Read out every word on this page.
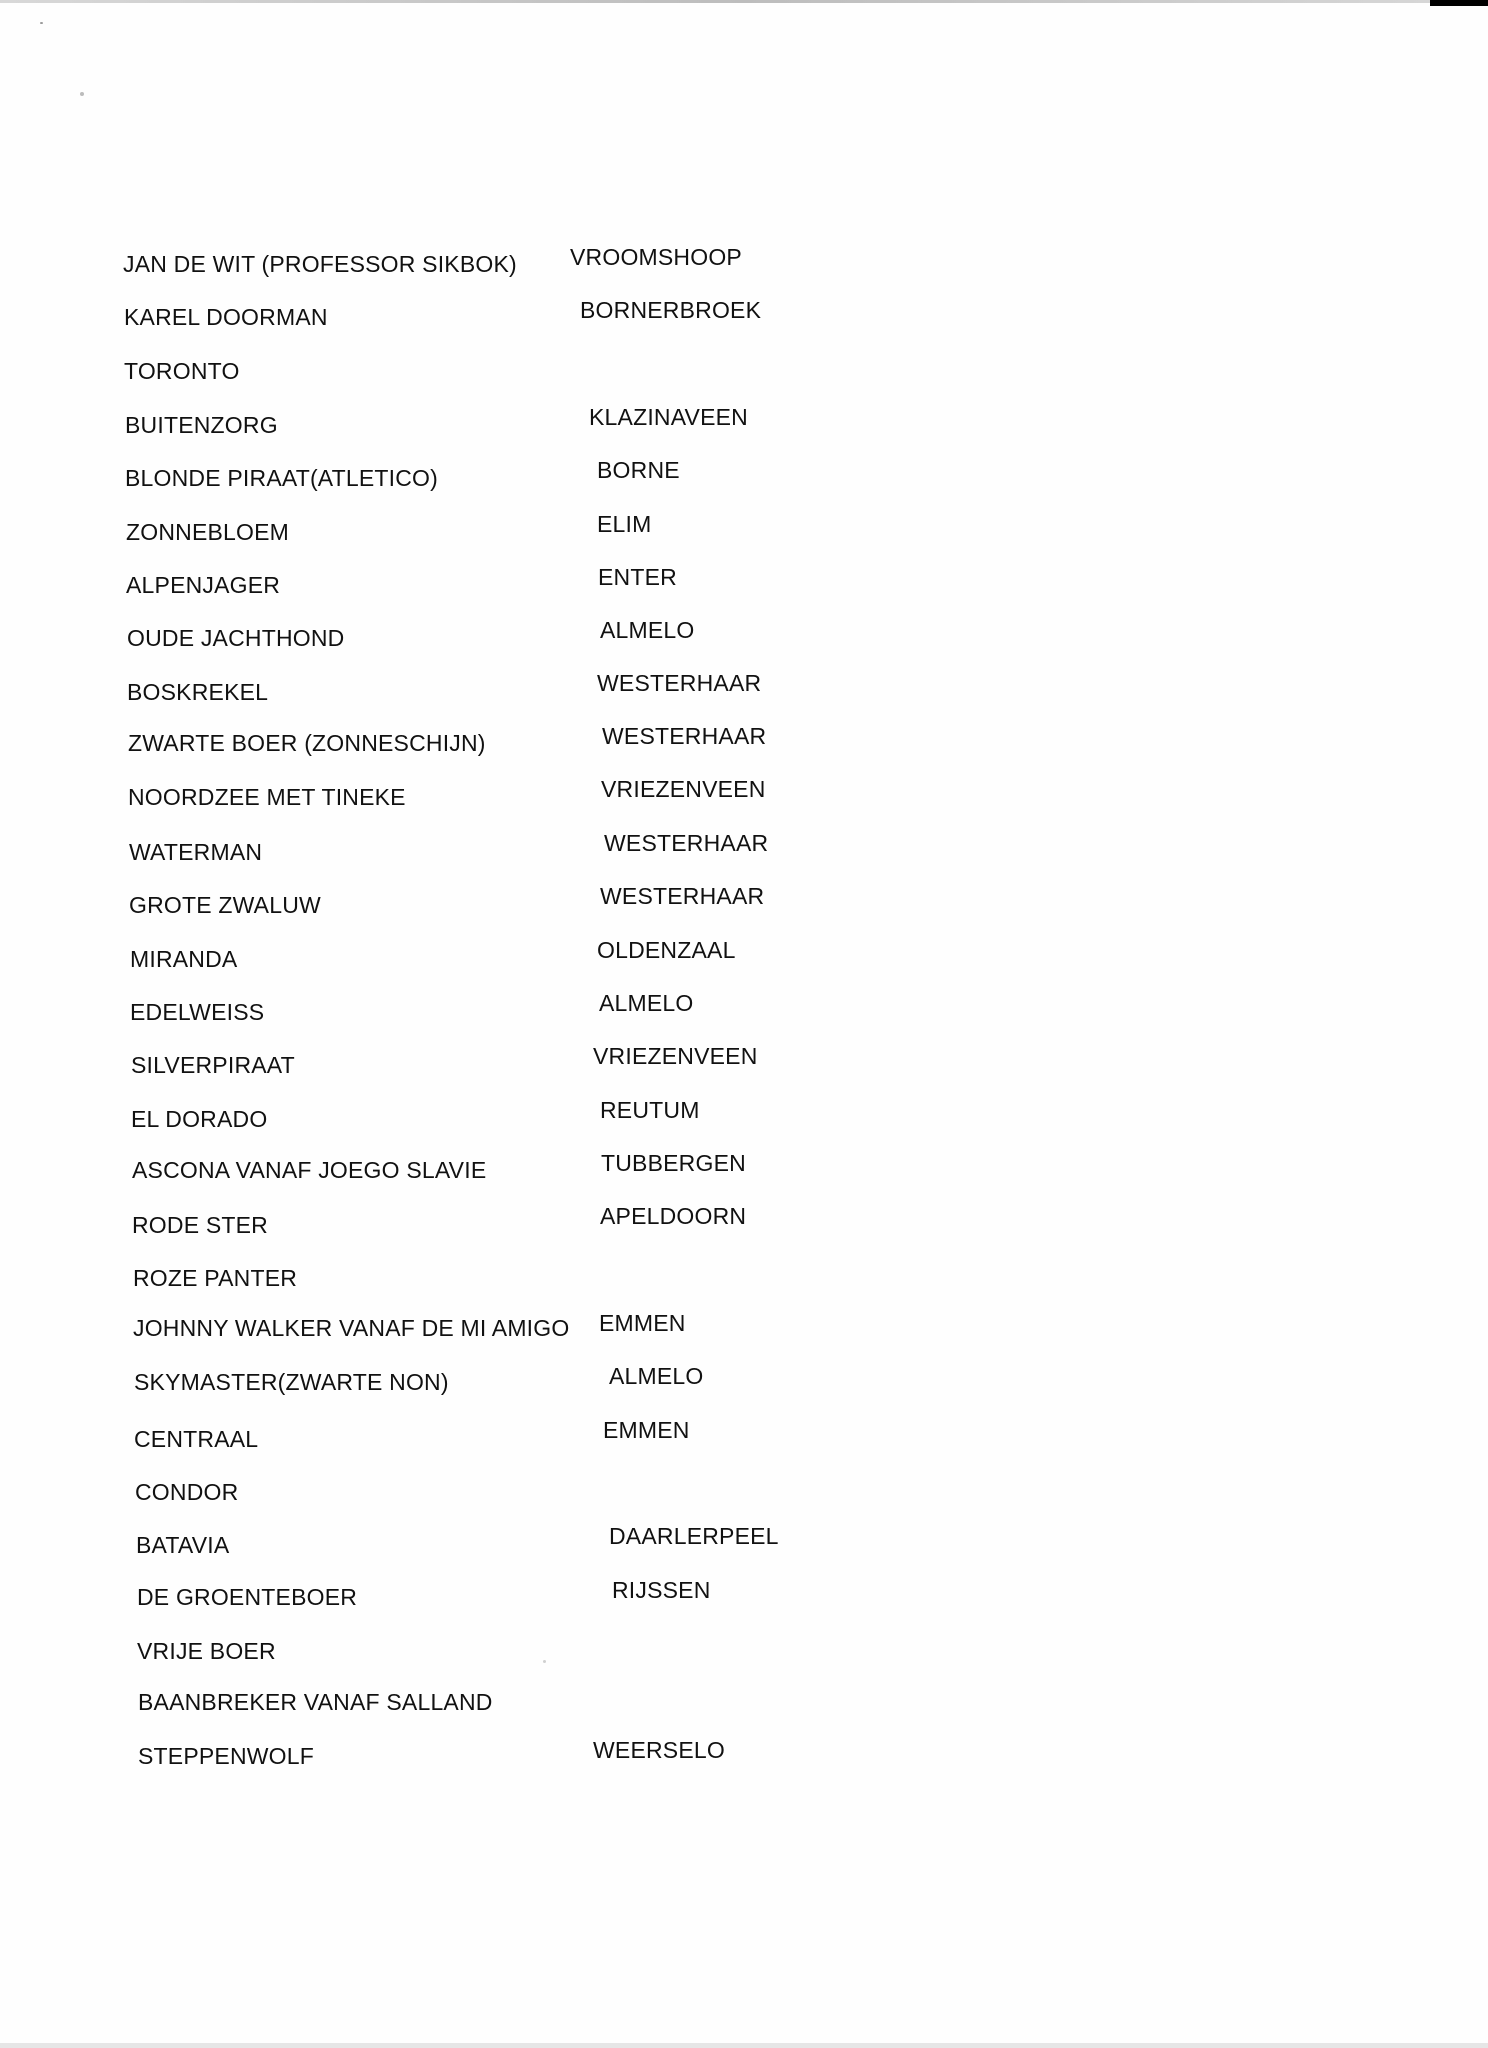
JAN DE WIT (PROFESSOR SIKBOK)
KAREL DOORMAN
TORONTO
BUITENZORG
BLONDE PIRAAT(ATLETICO)
ZONNEBLOEM
ALPENJAGER
OUDE JACHTHOND
BOSKREKEL
ZWARTE BOER (ZONNESCHIJN)
NOORDZEE MET TINEKE
WATERMAN
GROTE ZWALUW
MIRANDA
EDELWEISS
SILVERPIRAAT
EL DORADO
ASCONA VANAF JOEGO SLAVIE
RODE STER
ROZE PANTER
JOHNNY WALKER VANAF DE MI AMIGO
SKYMASTER(ZWARTE NON)
CENTRAAL
CONDOR
BATAVIA
DE GROENTEBOER
VRIJE BOER
BAANBREKER VANAF SALLAND
STEPPENWOLF
VROOMSHOOP
BORNERBROEK
KLAZINAVEEN
BORNE
ELIM
ENTER
ALMELO
WESTERHAAR
WESTERHAAR
VRIEZENVEEN
WESTERHAAR
WESTERHAAR
OLDENZAAL
ALMELO
VRIEZENVEEN
REUTUM
TUBBERGEN
APELDOORN
EMMEN
ALMELO
EMMEN
DAARLERPEEL
RIJSSEN
WEERSELO
